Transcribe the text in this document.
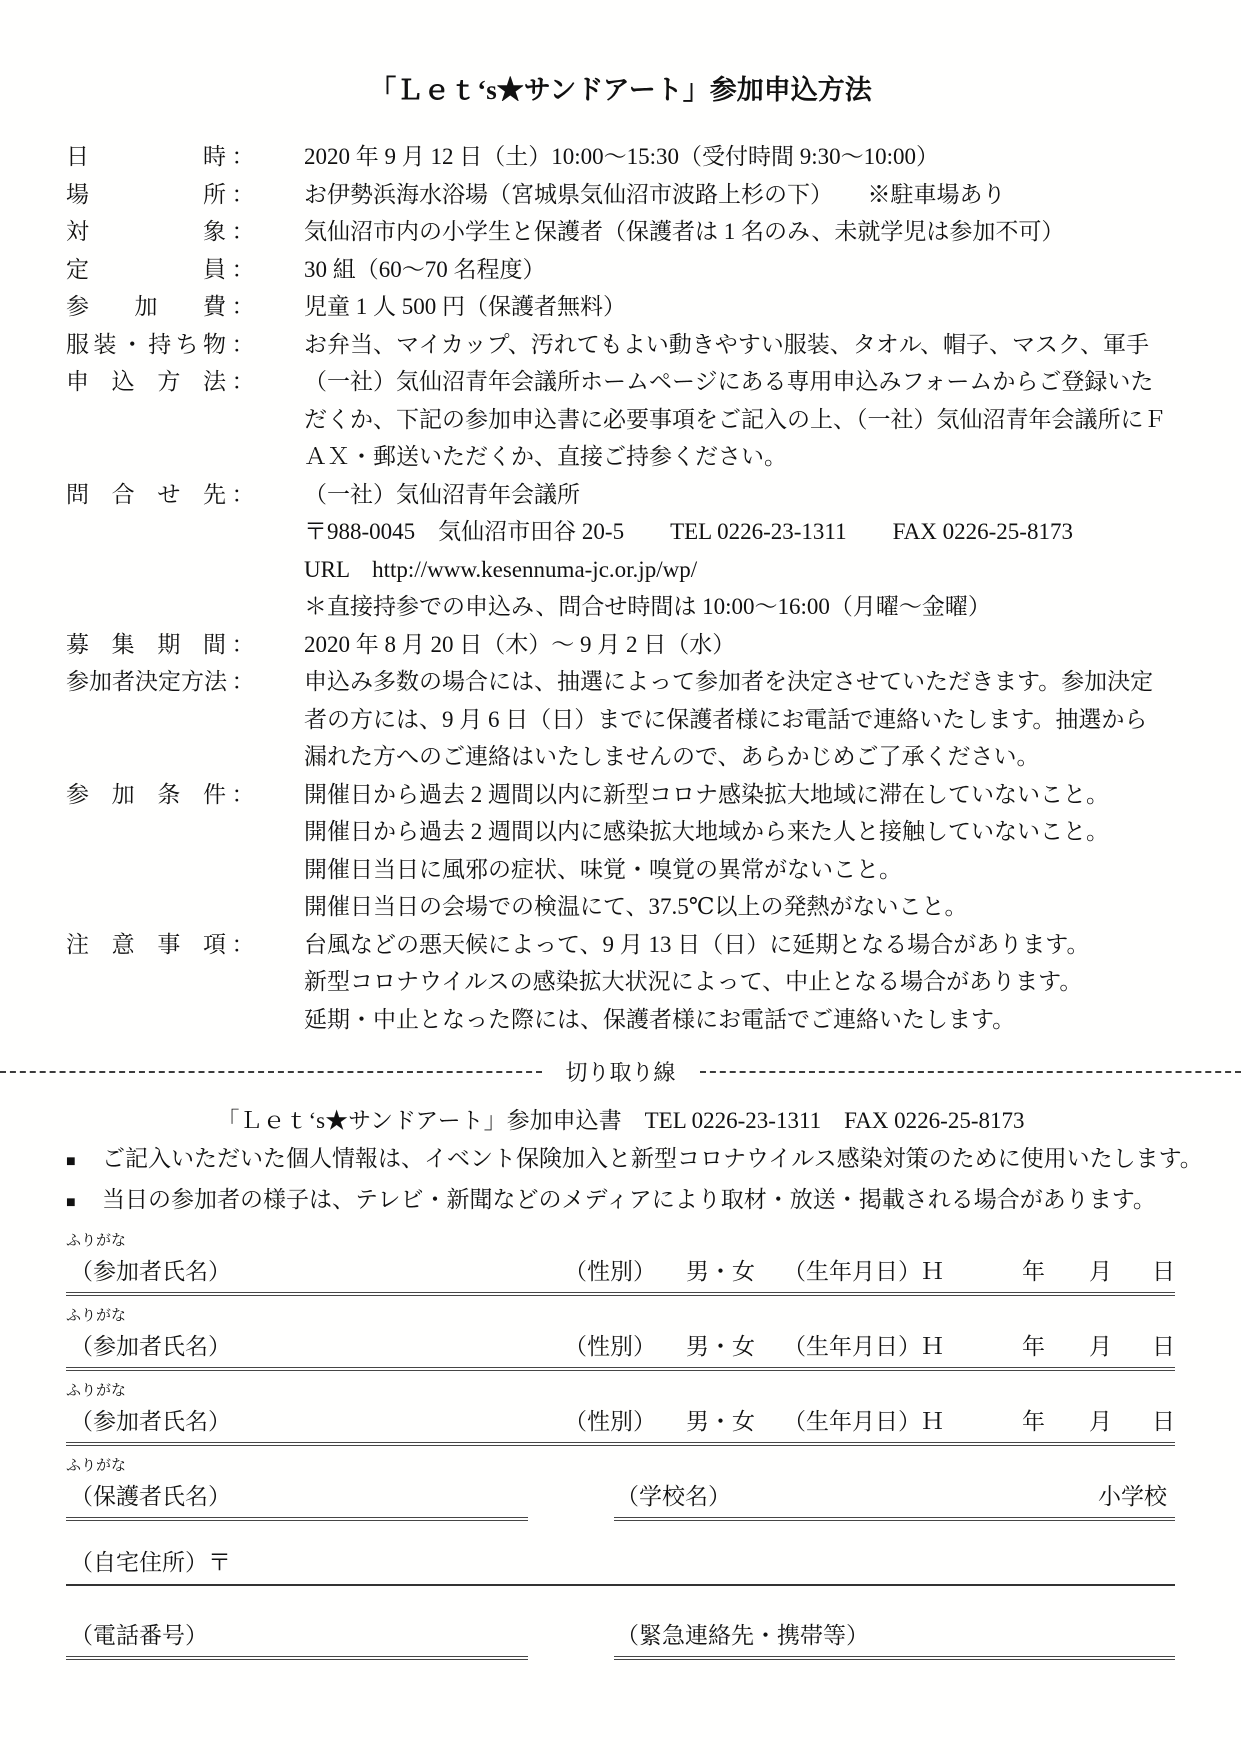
「Ｌｅｔ‘s★サンドアート」参加申込方法
日時 ： 2020 年 9 月 12 日（土）10:00～15:30（受付時間 9:30～10:00）
場所 ： お伊勢浜海水浴場（宮城県気仙沼市波路上杉の下）　　※駐車場あり
対象 ： 気仙沼市内の小学生と保護者（保護者は 1 名のみ、未就学児は参加不可）
定員 ： 30 組（60～70 名程度）
参加費 ： 児童 1 人 500 円（保護者無料）
服装・持ち物 ： お弁当、マイカップ、汚れてもよい動きやすい服装、タオル、帽子、マスク、軍手
申込方法 ： （一社）気仙沼青年会議所ホームページにある専用申込みフォームからご登録いた
だくか、下記の参加申込書に必要事項をご記入の上、（一社）気仙沼青年会議所にＦ
ＡＸ・郵送いただくか、直接ご持参ください。
問合せ先 ： （一社）気仙沼青年会議所
〒988-0045　気仙沼市田谷 20-5　　TEL 0226-23-1311　　FAX 0226-25-8173
URL　http://www.kesennuma-jc.or.jp/wp/
＊直接持参での申込み、問合せ時間は 10:00～16:00（月曜～金曜）
募集期間 ： 2020 年 8 月 20 日（木）～ 9 月 2 日（水）
参加者決定方法 ： 申込み多数の場合には、抽選によって参加者を決定させていただきます。参加決定
者の方には、9 月 6 日（日）までに保護者様にお電話で連絡いたします。抽選から
漏れた方へのご連絡はいたしませんので、あらかじめご了承ください。
参加条件 ： 開催日から過去 2 週間以内に新型コロナ感染拡大地域に滞在していないこと。
開催日から過去 2 週間以内に感染拡大地域から来た人と接触していないこと。
開催日当日に風邪の症状、味覚・嗅覚の異常がないこと。
開催日当日の会場での検温にて、37.5℃以上の発熱がないこと。
注意事項 ： 台風などの悪天候によって、9 月 13 日（日）に延期となる場合があります。
新型コロナウイルスの感染拡大状況によって、中止となる場合があります。
延期・中止となった際には、保護者様にお電話でご連絡いたします。
切り取り線
「Ｌｅｔ‘s★サンドアート」参加申込書　TEL 0226-23-1311　FAX 0226-25-8173
■	ご記入いただいた個人情報は、イベント保険加入と新型コロナウイルス感染対策のために使用いたします。
■	当日の参加者の様子は、テレビ・新聞などのメディアにより取材・放送・掲載される場合があります。
ふりがな
（参加者氏名）	（性別） 男・女 （生年月日）Ｈ	年 月 日
ふりがな
（参加者氏名）	（性別） 男・女 （生年月日）Ｈ	年 月 日
ふりがな
（参加者氏名）	（性別） 男・女 （生年月日）Ｈ	年 月 日
ふりがな
（保護者氏名）	（学校名）	小学校
（自宅住所）〒
（電話番号）	（緊急連絡先・携帯等）
